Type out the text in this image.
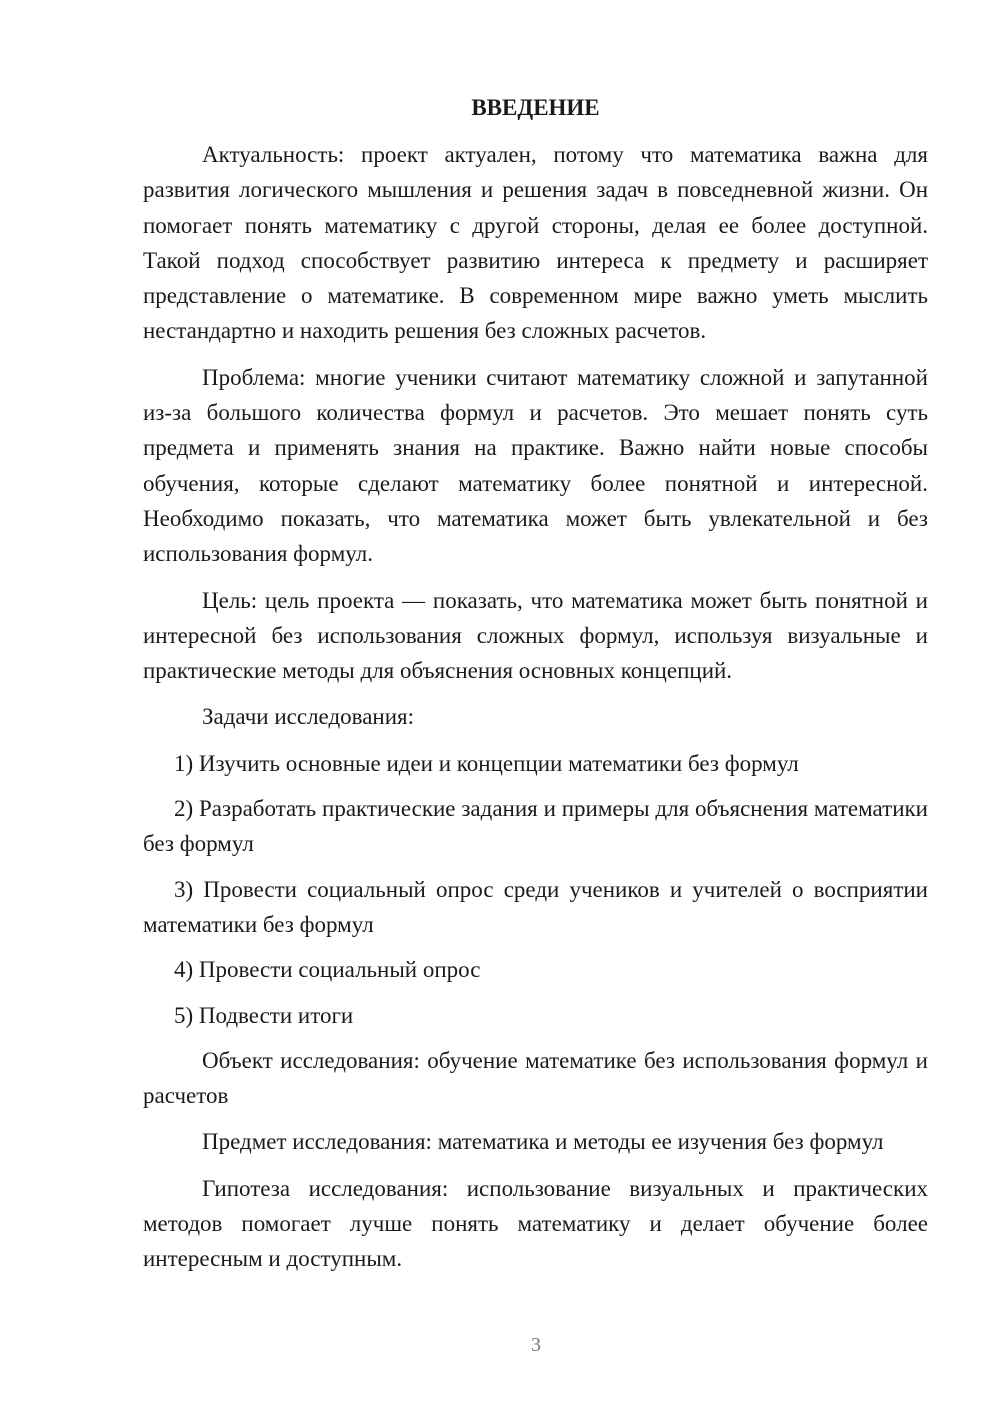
ВВЕДЕНИЕ

Актуальность: проект актуален, потому что математика важна для развития логического мышления и решения задач в повседневной жизни. Он помогает понять математику с другой стороны, делая ее более доступной. Такой подход способствует развитию интереса к предмету и расширяет представление о математике. В современном мире важно уметь мыслить нестандартно и находить решения без сложных расчетов.

Проблема: многие ученики считают математику сложной и запутанной из-за большого количества формул и расчетов. Это мешает понять суть предмета и применять знания на практике. Важно найти новые способы обучения, которые сделают математику более понятной и интересной. Необходимо показать, что математика может быть увлекательной и без использования формул.

Цель: цель проекта — показать, что математика может быть понятной и интересной без использования сложных формул, используя визуальные и практические методы для объяснения основных концепций.

Задачи исследования:

1) Изучить основные идеи и концепции математики без формул

2) Разработать практические задания и примеры для объяснения математики без формул

3) Провести социальный опрос среди учеников и учителей о восприятии математики без формул

4) Провести социальный опрос

5) Подвести итоги

Объект исследования: обучение математике без использования формул и расчетов

Предмет исследования: математика и методы ее изучения без формул

Гипотеза исследования: использование визуальных и практических методов помогает лучше понять математику и делает обучение более интересным и доступным.

3
